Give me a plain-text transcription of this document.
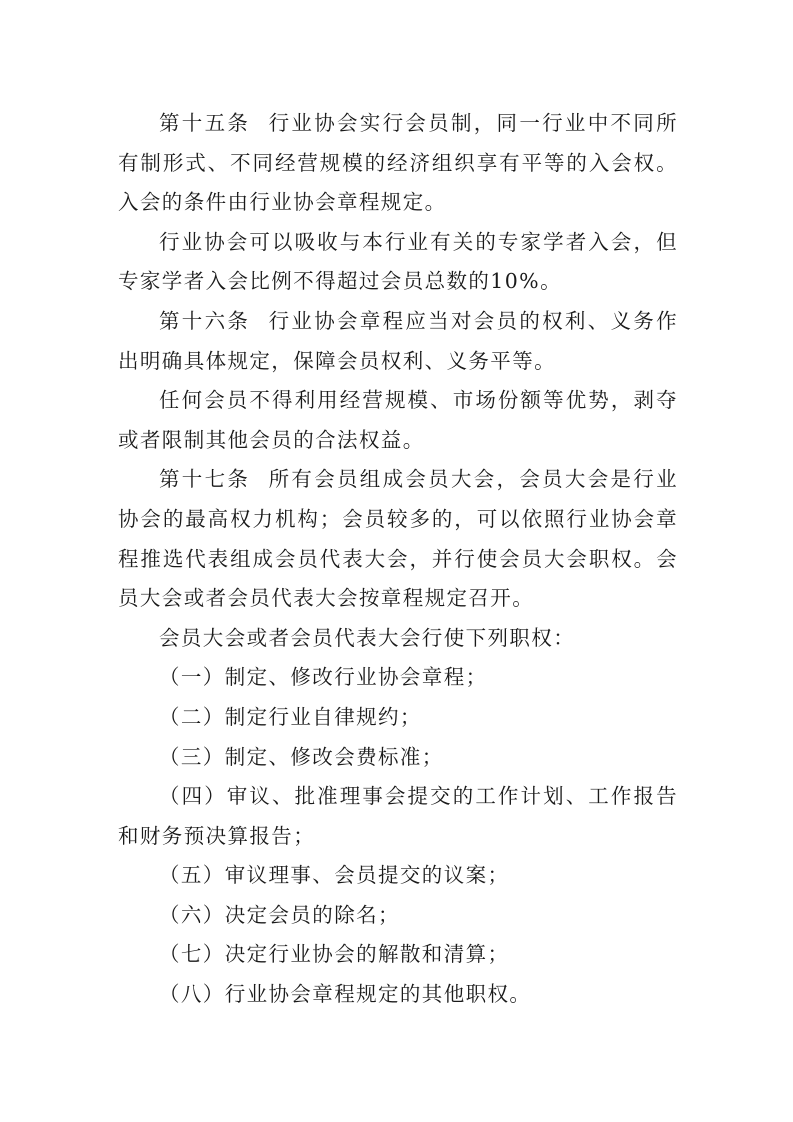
第十五条 行业协会实行会员制，同一行业中不同所有制形式、不同经营规模的经济组织享有平等的入会权。入会的条件由行业协会章程规定。

行业协会可以吸收与本行业有关的专家学者入会，但专家学者入会比例不得超过会员总数的10%。

第十六条 行业协会章程应当对会员的权利、义务作出明确具体规定，保障会员权利、义务平等。

任何会员不得利用经营规模、市场份额等优势，剥夺或者限制其他会员的合法权益。

第十七条 所有会员组成会员大会，会员大会是行业协会的最高权力机构；会员较多的，可以依照行业协会章程推选代表组成会员代表大会，并行使会员大会职权。会员大会或者会员代表大会按章程规定召开。

会员大会或者会员代表大会行使下列职权：

（一）制定、修改行业协会章程；

（二）制定行业自律规约；

（三）制定、修改会费标准；

（四）审议、批准理事会提交的工作计划、工作报告和财务预决算报告；

（五）审议理事、会员提交的议案；

（六）决定会员的除名；

（七）决定行业协会的解散和清算；

（八）行业协会章程规定的其他职权。
